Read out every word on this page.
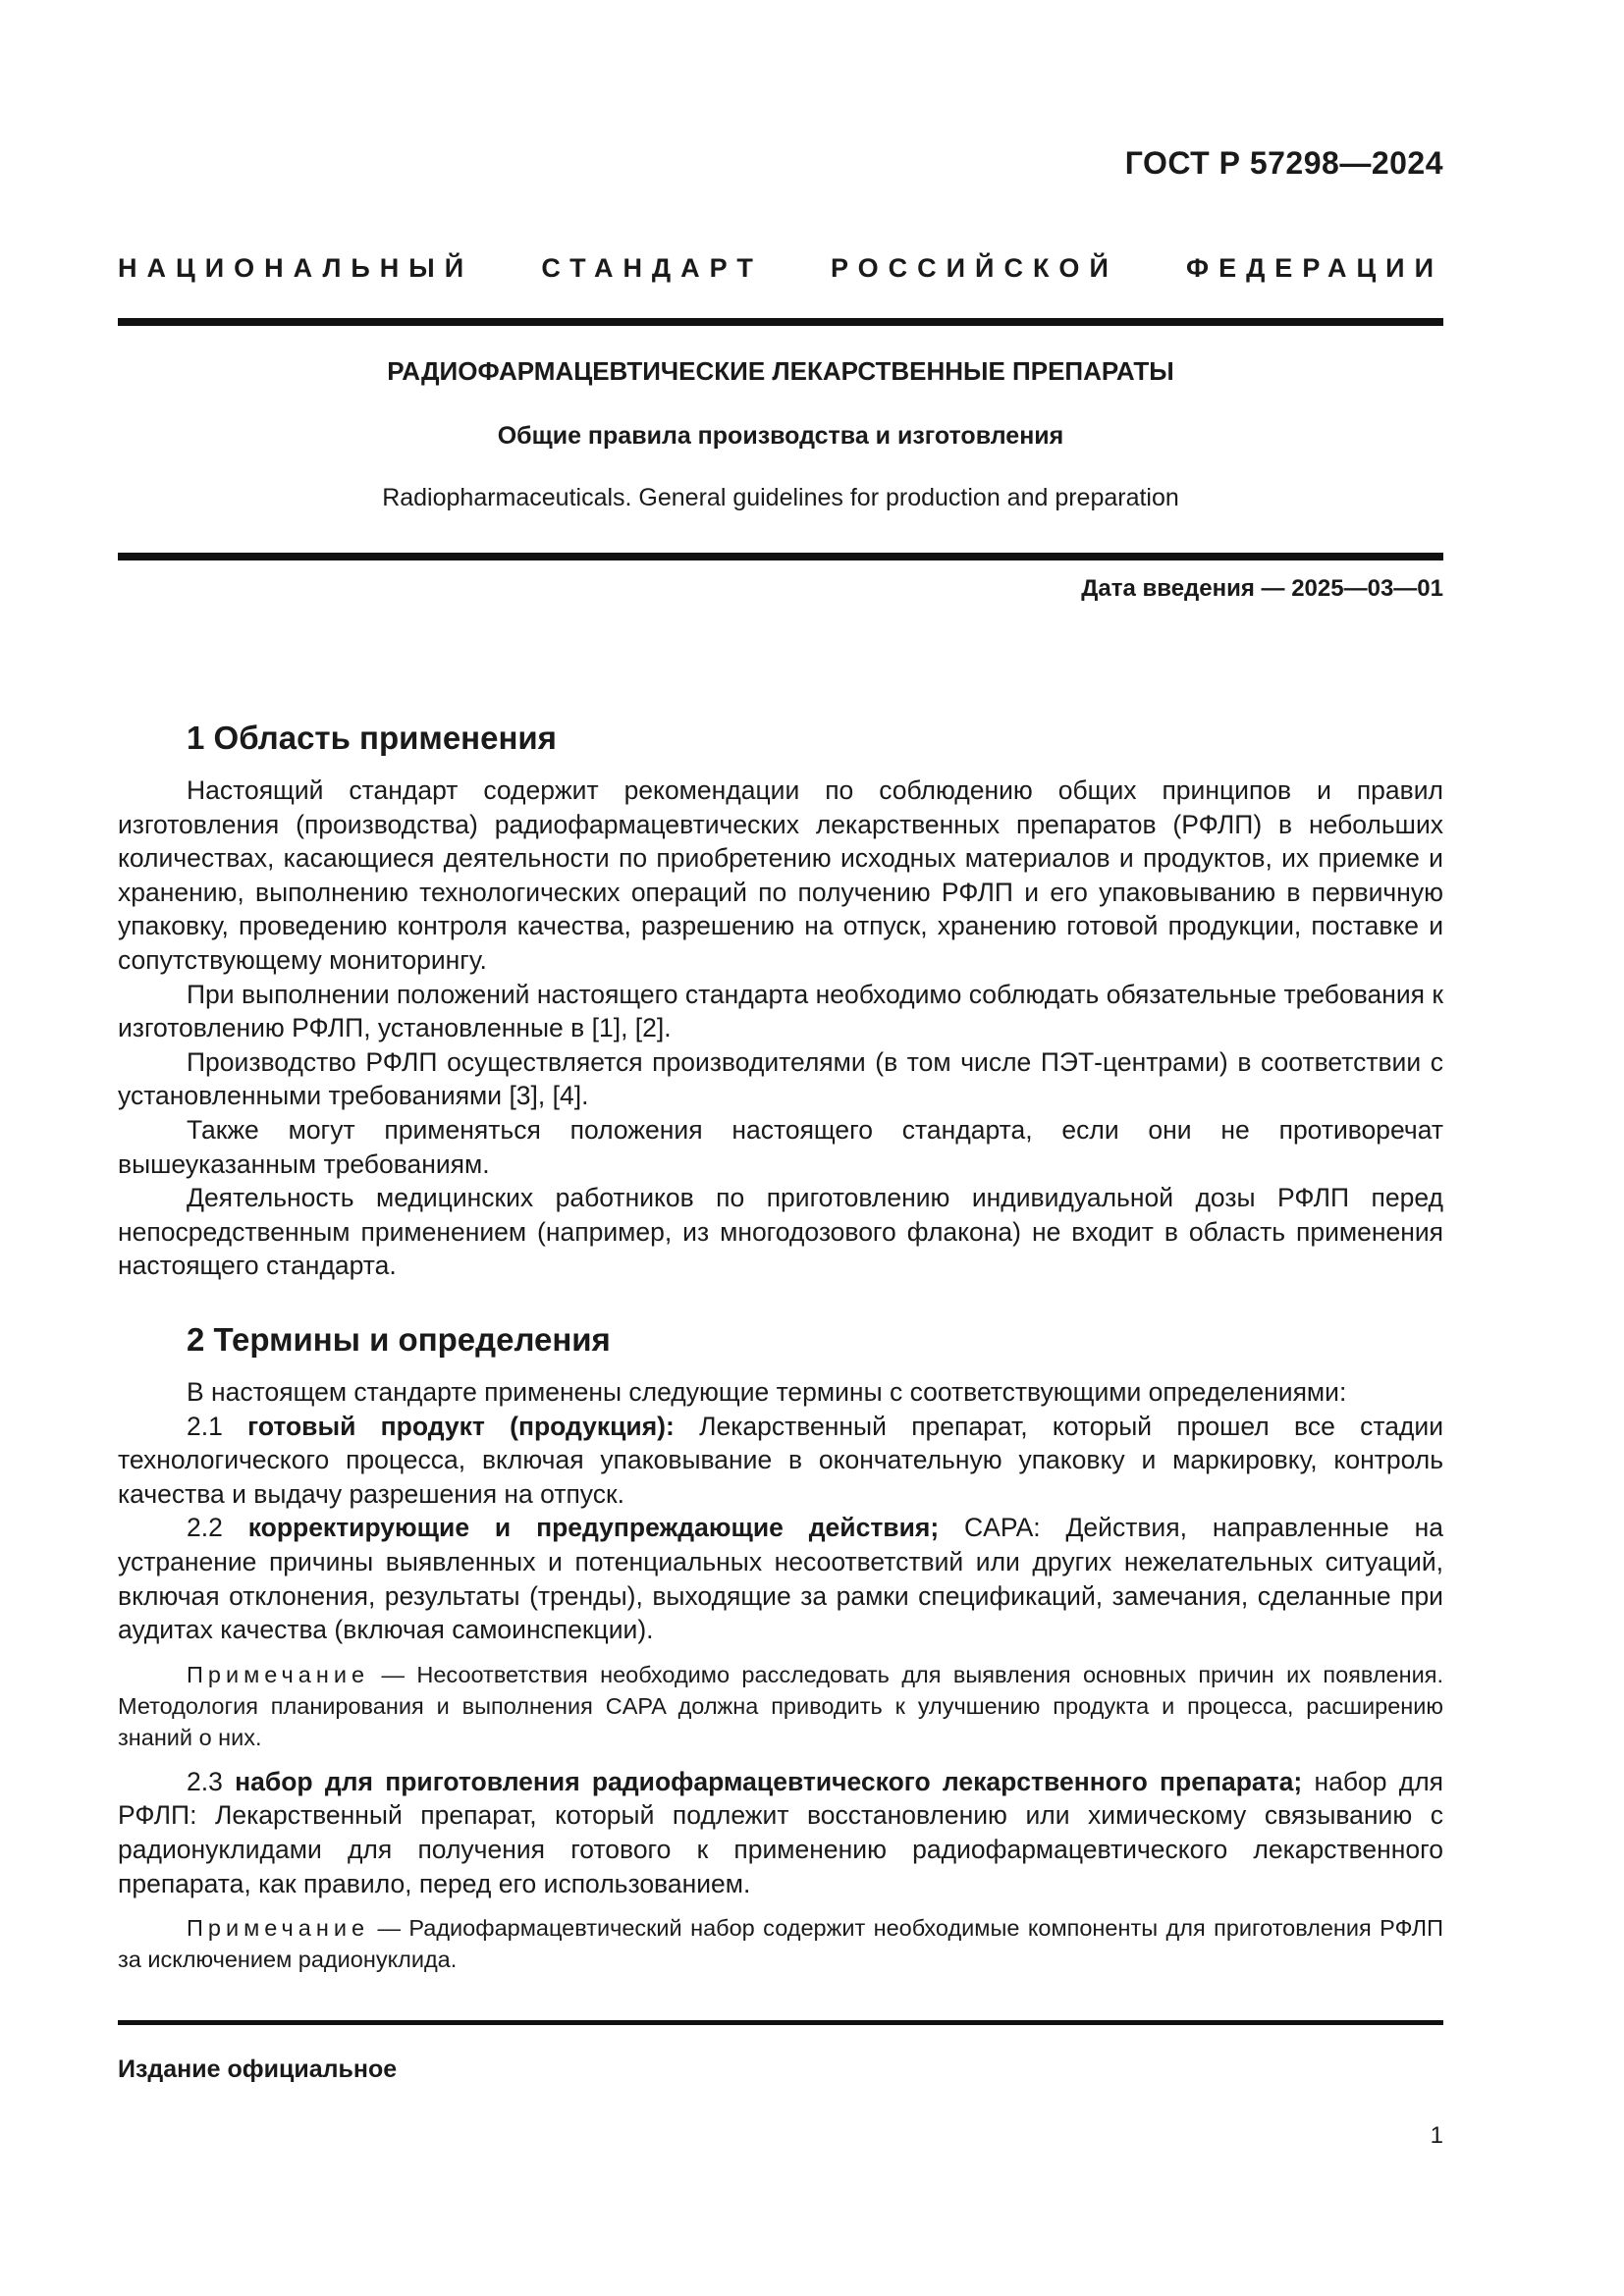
ГОСТ Р 57298—2024
НАЦИОНАЛЬНЫЙ СТАНДАРТ РОССИЙСКОЙ ФЕДЕРАЦИИ
РАДИОФАРМАЦЕВТИЧЕСКИЕ ЛЕКАРСТВЕННЫЕ ПРЕПАРАТЫ
Общие правила производства и изготовления
Radiopharmaceuticals. General guidelines for production and preparation
Дата введения — 2025—03—01
1 Область применения

Настоящий стандарт содержит рекомендации по соблюдению общих принципов и правил изготовления (производства) радиофармацевтических лекарственных препаратов (РФЛП) в небольших количествах, касающиеся деятельности по приобретению исходных материалов и продуктов, их приемке и хранению, выполнению технологических операций по получению РФЛП и его упаковыванию в первичную упаковку, проведению контроля качества, разрешению на отпуск, хранению готовой продукции, поставке и сопутствующему мониторингу.

При выполнении положений настоящего стандарта необходимо соблюдать обязательные требования к изготовлению РФЛП, установленные в [1], [2].

Производство РФЛП осуществляется производителями (в том числе ПЭТ-центрами) в соответствии с установленными требованиями [3], [4].

Также могут применяться положения настоящего стандарта, если они не противоречат вышеуказанным требованиям.

Деятельность медицинских работников по приготовлению индивидуальной дозы РФЛП перед непосредственным применением (например, из многодозового флакона) не входит в область применения настоящего стандарта.

2 Термины и определения

В настоящем стандарте применены следующие термины с соответствующими определениями:

2.1 готовый продукт (продукция): Лекарственный препарат, который прошел все стадии технологического процесса, включая упаковывание в окончательную упаковку и маркировку, контроль качества и выдачу разрешения на отпуск.

2.2 корректирующие и предупреждающие действия; CAPA: Действия, направленные на устранение причины выявленных и потенциальных несоответствий или других нежелательных ситуаций, включая отклонения, результаты (тренды), выходящие за рамки спецификаций, замечания, сделанные при аудитах качества (включая самоинспекции).

Примечание — Несоответствия необходимо расследовать для выявления основных причин их появления. Методология планирования и выполнения CAPA должна приводить к улучшению продукта и процесса, расширению знаний о них.

2.3 набор для приготовления радиофармацевтического лекарственного препарата; набор для РФЛП: Лекарственный препарат, который подлежит восстановлению или химическому связыванию с радионуклидами для получения готового к применению радиофармацевтического лекарственного препарата, как правило, перед его использованием.

Примечание — Радиофармацевтический набор содержит необходимые компоненты для приготовления РФЛП за исключением радионуклида.

Издание официальное
1
